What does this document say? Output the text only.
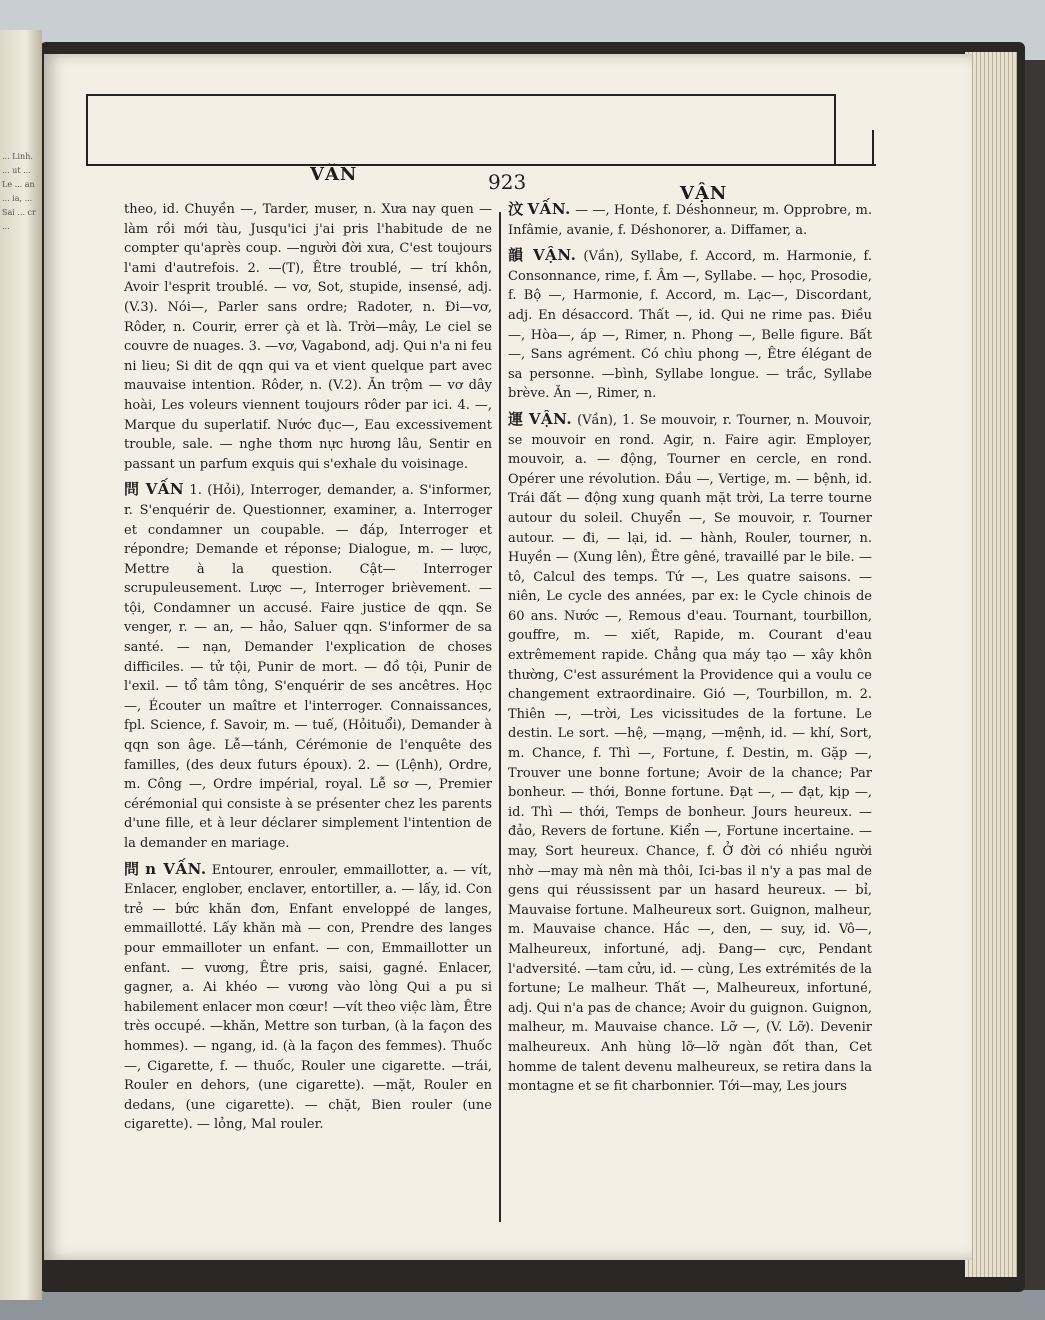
... Linh. ... ut ... Le ... an ... ia, ... Sai ... cr ...
VĂN	923	VẬN

theo, id. Chuyền —, Tarder, muser, n. Xưa nay quen — làm rồi mới tàu, Jusqu'ici j'ai pris l'habitude de ne compter qu'après coup. —người đời xưa, C'est toujours l'ami d'autrefois. 2. —(T), Être troublé, — trí khôn, Avoir l'esprit troublé. — vơ, Sot, stupide, insensé, adj. (V.3). Nói—, Parler sans ordre; Radoter, n. Đi—vơ, Rôder, n. Courir, errer çà et là. Trời—mây, Le ciel se couvre de nuages. 3. —vơ, Vagabond, adj. Qui n'a ni feu ni lieu; Si dit de qqn qui va et vient quelque part avec mauvaise intention. Rôder, n. (V.2). Ăn trộm — vơ dây hoài, Les voleurs viennent toujours rôder par ici. 4. —, Marque du superlatif. Nước đục—, Eau excessivement trouble, sale. — nghe thơm nực hương lâu, Sentir en passant un parfum exquis qui s'exhale du voisinage.

問 VẤN 1. (Hỏi), Interroger, demander, a. S'informer, r. S'enquérir de. Questionner, examiner, a. Interroger et condamner un coupable. — đáp, Interroger et répondre; Demande et réponse; Dialogue, m. — lược, Mettre à la question. Cật— Interroger scrupuleusement. Lược —, Interroger brièvement. — tội, Condamner un accusé. Faire justice de qqn. Se venger, r. — an, — hảo, Saluer qqn. S'informer de sa santé. — nạn, Demander l'explication de choses difficiles. — tử tội, Punir de mort. — đồ tội, Punir de l'exil. — tổ tâm tông, S'enquérir de ses ancêtres. Học —, Écouter un maître et l'interroger. Connaissances, fpl. Science, f. Savoir, m. — tuế, (Hỏituổi), Demander à qqn son âge. Lễ—tánh, Cérémonie de l'enquête des familles, (des deux futurs époux). 2. — (Lệnh), Ordre, m. Công —, Ordre impérial, royal. Lễ sơ —, Premier cérémonial qui consiste à se présenter chez les parents d'une fille, et à leur déclarer simplement l'intention de la demander en mariage.

問 n VẤN. Entourer, enrouler, emmaillotter, a. — vít, Enlacer, englober, enclaver, entortiller, a. — lấy, id. Con trẻ — bức khăn đơn, Enfant enveloppé de langes, emmaillotté. Lấy khăn mà — con, Prendre des langes pour emmailloter un enfant. — con, Emmaillotter un enfant. — vương, Être pris, saisi, gagné. Enlacer, gagner, a. Ai khéo — vương vào lòng Qui a pu si habilement enlacer mon cœur! —vít theo việc làm, Être très occupé. —khăn, Mettre son turban, (à la façon des hommes). — ngang, id. (à la façon des femmes). Thuốc —, Cigarette, f. — thuốc, Rouler une cigarette. —trái, Rouler en dehors, (une cigarette). —mặt, Rouler en dedans, (une cigarette). — chặt, Bien rouler (une cigarette). — lỏng, Mal rouler.

汶 VẤN. — —, Honte, f. Déshonneur, m. Opprobre, m. Infâmie, avanie, f. Déshonorer, a. Diffamer, a.

韻 VẬN. (Vần), Syllabe, f. Accord, m. Harmonie, f. Consonnance, rime, f. Âm —, Syllabe. — học, Prosodie, f. Bộ —, Harmonie, f. Accord, m. Lạc—, Discordant, adj. En désaccord. Thất —, id. Qui ne rime pas. Điều —, Hòa—, áp —, Rimer, n. Phong —, Belle figure. Bất —, Sans agrément. Có chìu phong —, Être élégant de sa personne. —bình, Syllabe longue. — trắc, Syllabe brève. Ăn —, Rimer, n.

運 VẬN. (Vần), 1. Se mouvoir, r. Tourner, n. Mouvoir, se mouvoir en rond. Agir, n. Faire agir. Employer, mouvoir, a. — động, Tourner en cercle, en rond. Opérer une révolution. Đầu —, Vertige, m. — bệnh, id. Trái đất — động xung quanh mặt trời, La terre tourne autour du soleil. Chuyển —, Se mouvoir, r. Tourner autour. — đi, — lại, id. — hành, Rouler, tourner, n. Huyền — (Xung lên), Être gêné, travaillé par le bile. — tô, Calcul des temps. Tứ —, Les quatre saisons. — niên, Le cycle des années, par ex: le Cycle chinois de 60 ans. Nước —, Remous d'eau. Tournant, tourbillon, gouffre, m. — xiết, Rapide, m. Courant d'eau extrêmement rapide. Chẳng qua máy tạo — xây khôn thường, C'est assurément la Providence qui a voulu ce changement extraordinaire. Gió —, Tourbillon, m. 2. Thiên —, —trời, Les vicissitudes de la fortune. Le destin. Le sort. —hệ, —mạng, —mệnh, id. — khí, Sort, m. Chance, f. Thì —, Fortune, f. Destin, m. Gặp —, Trouver une bonne fortune; Avoir de la chance; Par bonheur. — thới, Bonne fortune. Đạt —, — đạt, kịp —, id. Thì — thới, Temps de bonheur. Jours heureux. — đảo, Revers de fortune. Kiển —, Fortune incertaine. — may, Sort heureux. Chance, f. Ở đời có nhiều người nhờ —may mà nên mà thôi, Ici-bas il n'y a pas mal de gens qui réussissent par un hasard heureux. — bỉ, Mauvaise fortune. Malheureux sort. Guignon, malheur, m. Mauvaise chance. Hắc —, den, — suy, id. Vô—, Malheureux, infortuné, adj. Đang— cực, Pendant l'adversité. —tam cửu, id. — cùng, Les extrémités de la fortune; Le malheur. Thất —, Malheureux, infortuné, adj. Qui n'a pas de chance; Avoir du guignon. Guignon, malheur, m. Mauvaise chance. Lỡ —, (V. Lỡ). Devenir malheureux. Anh hùng lỡ—lỡ ngàn đốt than, Cet homme de talent devenu malheureux, se retira dans la montagne et se fit charbonnier. Tới—may, Les jours
